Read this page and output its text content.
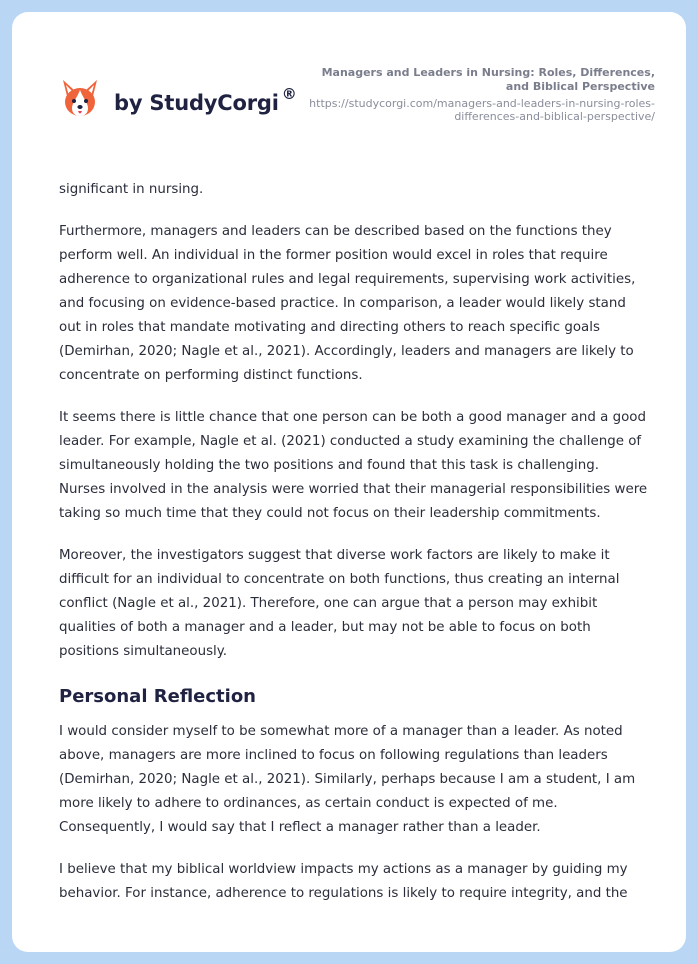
by StudyCorgi ®
Managers and Leaders in Nursing: Roles, Differences, and Biblical Perspective
https://studycorgi.com/managers-and-leaders-in-nursing-roles-differences-and-biblical-perspective/

significant in nursing.

Furthermore, managers and leaders can be described based on the functions they perform well. An individual in the former position would excel in roles that require adherence to organizational rules and legal requirements, supervising work activities, and focusing on evidence-based practice. In comparison, a leader would likely stand out in roles that mandate motivating and directing others to reach specific goals (Demirhan, 2020; Nagle et al., 2021). Accordingly, leaders and managers are likely to concentrate on performing distinct functions.

It seems there is little chance that one person can be both a good manager and a good leader. For example, Nagle et al. (2021) conducted a study examining the challenge of simultaneously holding the two positions and found that this task is challenging. Nurses involved in the analysis were worried that their managerial responsibilities were taking so much time that they could not focus on their leadership commitments.

Moreover, the investigators suggest that diverse work factors are likely to make it difficult for an individual to concentrate on both functions, thus creating an internal conflict (Nagle et al., 2021). Therefore, one can argue that a person may exhibit qualities of both a manager and a leader, but may not be able to focus on both positions simultaneously.

Personal Reflection

I would consider myself to be somewhat more of a manager than a leader. As noted above, managers are more inclined to focus on following regulations than leaders (Demirhan, 2020; Nagle et al., 2021). Similarly, perhaps because I am a student, I am more likely to adhere to ordinances, as certain conduct is expected of me. Consequently, I would say that I reflect a manager rather than a leader.

I believe that my biblical worldview impacts my actions as a manager by guiding my behavior. For instance, adherence to regulations is likely to require integrity, and the
